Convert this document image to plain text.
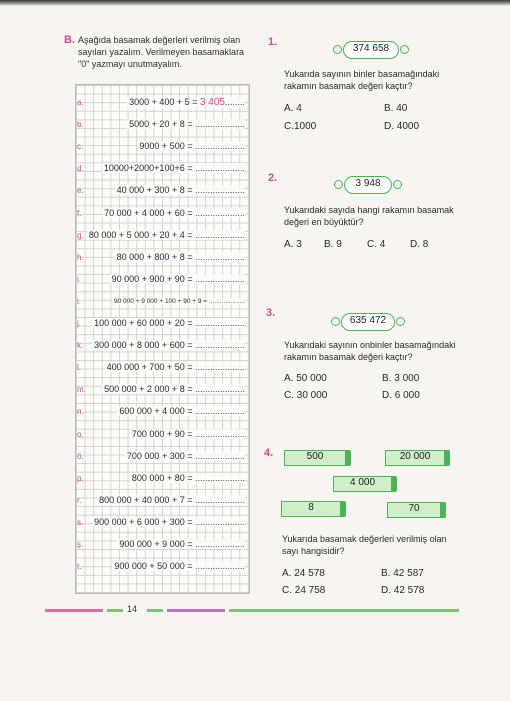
B. Aşağıda basamak değerleri verilmiş olan sayıları yazalım. Verilmeyen basamaklara "0" yazmayı unutmayalım.
a.	3000 + 400 + 5 = 3 405........
b.	5000 + 20 + 8 = ....................
c.	9000 + 500 = ....................
d. 10000+2000+100+6 = ....................
e.	40 000 + 300 + 8 = ....................
f.	70 000 + 4 000 + 60 = ....................
g. 80 000 + 5 000 + 20 + 4 = ....................
h.	80 000 + 800 + 8 = ....................
i.	90 000 + 900 + 90 = ....................
i.	90 000 + 9 000 + 100 + 90 + 9 = ....................
j. 100 000 + 60 000 + 20 = ....................
k. 300 000 + 8 000 + 600 = ....................
l.	400 000 + 700 + 50 = ....................
m. 500 000 + 2 000 + 8 = ....................
n.	600 000 + 4 000 = ....................
o.	700 000 + 90 = ....................
ö.	700 000 + 300 = ....................
p.	800 000 + 80 = ....................
r. 800 000 + 40 000 + 7 = ....................
s. 900 000 + 6 000 + 300 = ....................
ş.	900 000 + 9 000 = ....................
t.	900 000 + 50 000 = ....................
1.
374 658
Yukarıda sayının binler basamağındaki rakamın basamak değeri kaçtır?
A. 4	B. 40
C.1000	D. 4000
2.	3 948
Yukarıdaki sayıda hangi rakamın basamak değeri en büyüktür?
A. 3 B. 9	C. 4 D. 8
3.
635 472
Yukarıdaki sayının onbinler basamağındaki rakamın basamak değeri kaçtır?
A. 50 000	B. 3 000
C. 30 000	D. 6 000
4.	500	20 000
4 000
8	70
Yukarıda basamak değerleri verilmiş olan sayı hangisidir?
A. 24 578	B. 42 587
C. 24 758	D. 42 578
14
